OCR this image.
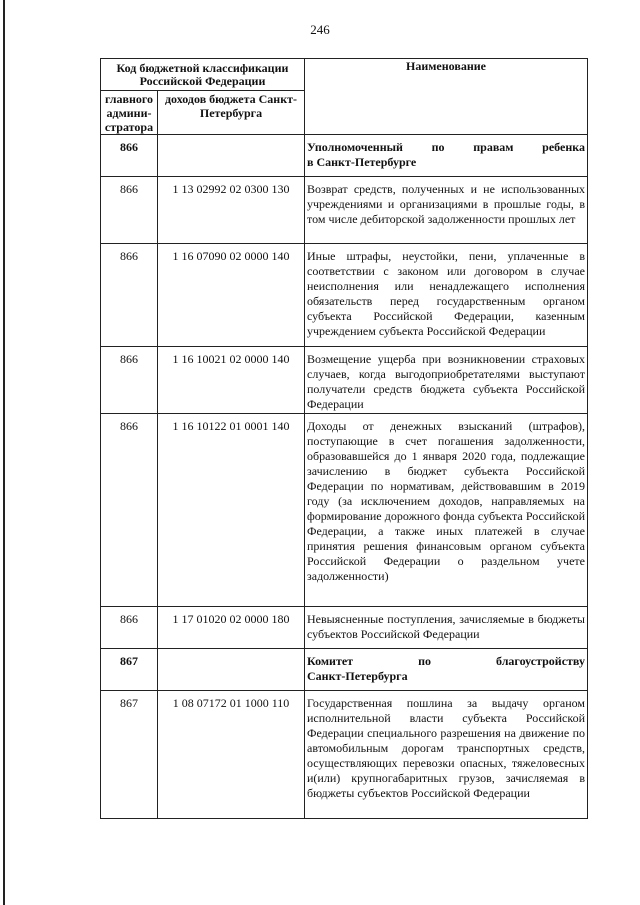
246
Код бюджетной классификации Российской Федерации		Наименование

главного админи-стратора	доходов бюджета Санкт-Петербурга	

866		Уполномоченный по правам ребенка
в Санкт-Петербурге

866	1 13 02992 02 0300 130	Возврат средств, полученных и не использованных учреждениями и организациями в прошлые годы, в том числе дебиторской задолженности прошлых лет

866	1 16 07090 02 0000 140	Иные штрафы, неустойки, пени, уплаченные в соответствии с законом или договором в случае неисполнения или ненадлежащего исполнения обязательств перед государственным органом субъекта Российской Федерации, казенным учреждением субъекта Российской Федерации

866	1 16 10021 02 0000 140	Возмещение ущерба при возникновении страховых случаев, когда выгодоприобретателями выступают получатели средств бюджета субъекта Российской Федерации

866	1 16 10122 01 0001 140	Доходы от денежных взысканий (штрафов), поступающие в счет погашения задолженности, образовавшейся до 1 января 2020 года, подлежащие зачислению в бюджет субъекта Российской Федерации по нормативам, действовавшим в 2019 году (за исключением доходов, направляемых на формирование дорожного фонда субъекта Российской Федерации, а также иных платежей в случае принятия решения финансовым органом субъекта Российской Федерации о раздельном учете задолженности)

866	1 17 01020 02 0000 180	Невыясненные поступления, зачисляемые в бюджеты субъектов Российской Федерации

867		Комитет по благоустройству
Санкт-Петербурга

867	1 08 07172 01 1000 110	Государственная пошлина за выдачу органом исполнительной власти субъекта Российской Федерации специального разрешения на движение по автомобильным дорогам транспортных средств, осуществляющих перевозки опасных, тяжеловесных и(или) крупногабаритных грузов, зачисляемая в бюджеты субъектов Российской Федерации
